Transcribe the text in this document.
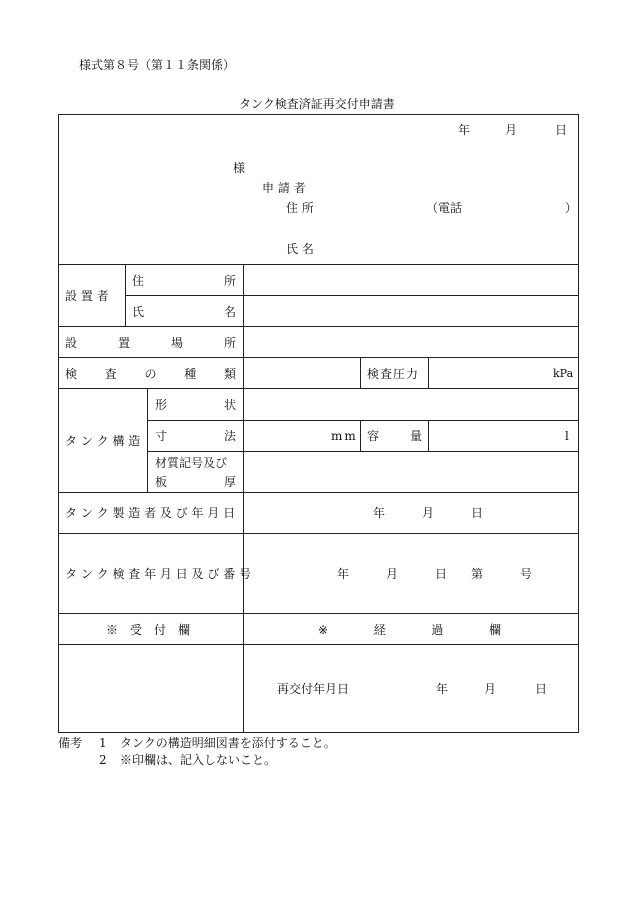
様式第８号（第１１条関係）
タンク検査済証再交付申請書
年	月	日
様
申 請 者
住 所	（電話	）
氏 名
設 置 者
住	所
氏	名
設	置	場	所
検 査 の 種 類	検査圧力	kPa
タ ン ク 構 造
形	状
寸	法	mm 容	量	l
材質記号及び
板	厚
タ ン ク 製 造 者 及 び 年 月 日	年	月	日
タ ン ク 検 査 年 月 日 及 び 番 号	年	月	日 第	号
※　受　付　欄	※	経	過	欄
再交付年月日	年	月	日
備考 1 タンクの構造明細図書を添付すること。
2 ※印欄は、記入しないこと。
